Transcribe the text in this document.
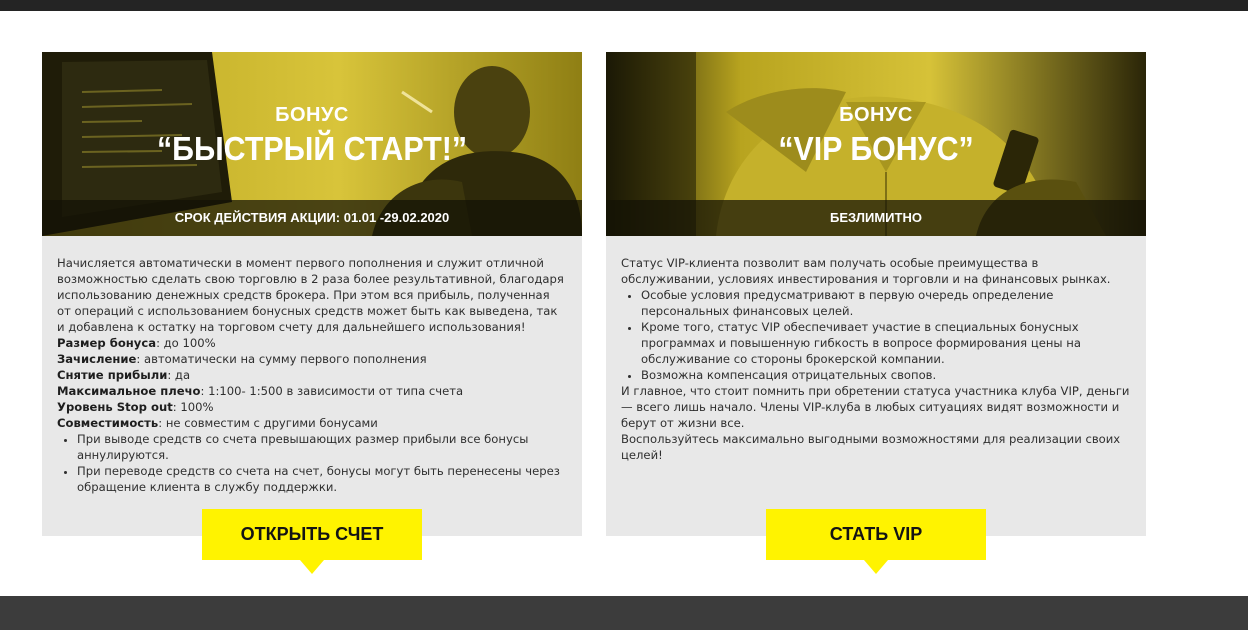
БОНУС
“БЫСТРЫЙ СТАРТ!”
СРОК ДЕЙСТВИЯ АКЦИИ: 01.01 -29.02.2020

Начисляется автоматически в момент первого пополнения и служит отличной возможностью сделать свою торговлю в 2 раза более результативной, благодаря использованию денежных средств брокера. При этом вся прибыль, полученная от операций с использованием бонусных средств может быть как выведена, так и добавлена к остатку на торговом счету для дальнейшего использования!

Размер бонуса: до 100%

Зачисление: автоматически на сумму первого пополнения

Снятие прибыли: да

Максимальное плечо: 1:100- 1:500 в зависимости от типа счета

Уровень Stop out: 100%

Совместимость: не совместим с другими бонусами

• При выводе средств со счета превышающих размер прибыли все бонусы аннулируются.
• При переводе средств со счета на счет, бонусы могут быть перенесены через обращение клиента в службу поддержки.
ОТКРЫТЬ СЧЕТ
БОНУС
“VIP БОНУС”
БЕЗЛИМИТНО

Статус VIP-клиента позволит вам получать особые преимущества в обслуживании, условиях инвестирования и торговли и на финансовых рынках.

• Особые условия предусматривают в первую очередь определение персональных финансовых целей.
• Кроме того, статус VIP обеспечивает участие в специальных бонусных программах и повышенную гибкость в вопросе формирования цены на обслуживание со стороны брокерской компании.
• Возможна компенсация отрицательных свопов.

И главное, что стоит помнить при обретении статуса участника клуба VIP, деньги — всего лишь начало. Члены VIP-клуба в любых ситуациях видят возможности и берут от жизни все.

Воспользуйтесь максимально выгодными возможностями для реализации своих целей!

СТАТЬ VIP
